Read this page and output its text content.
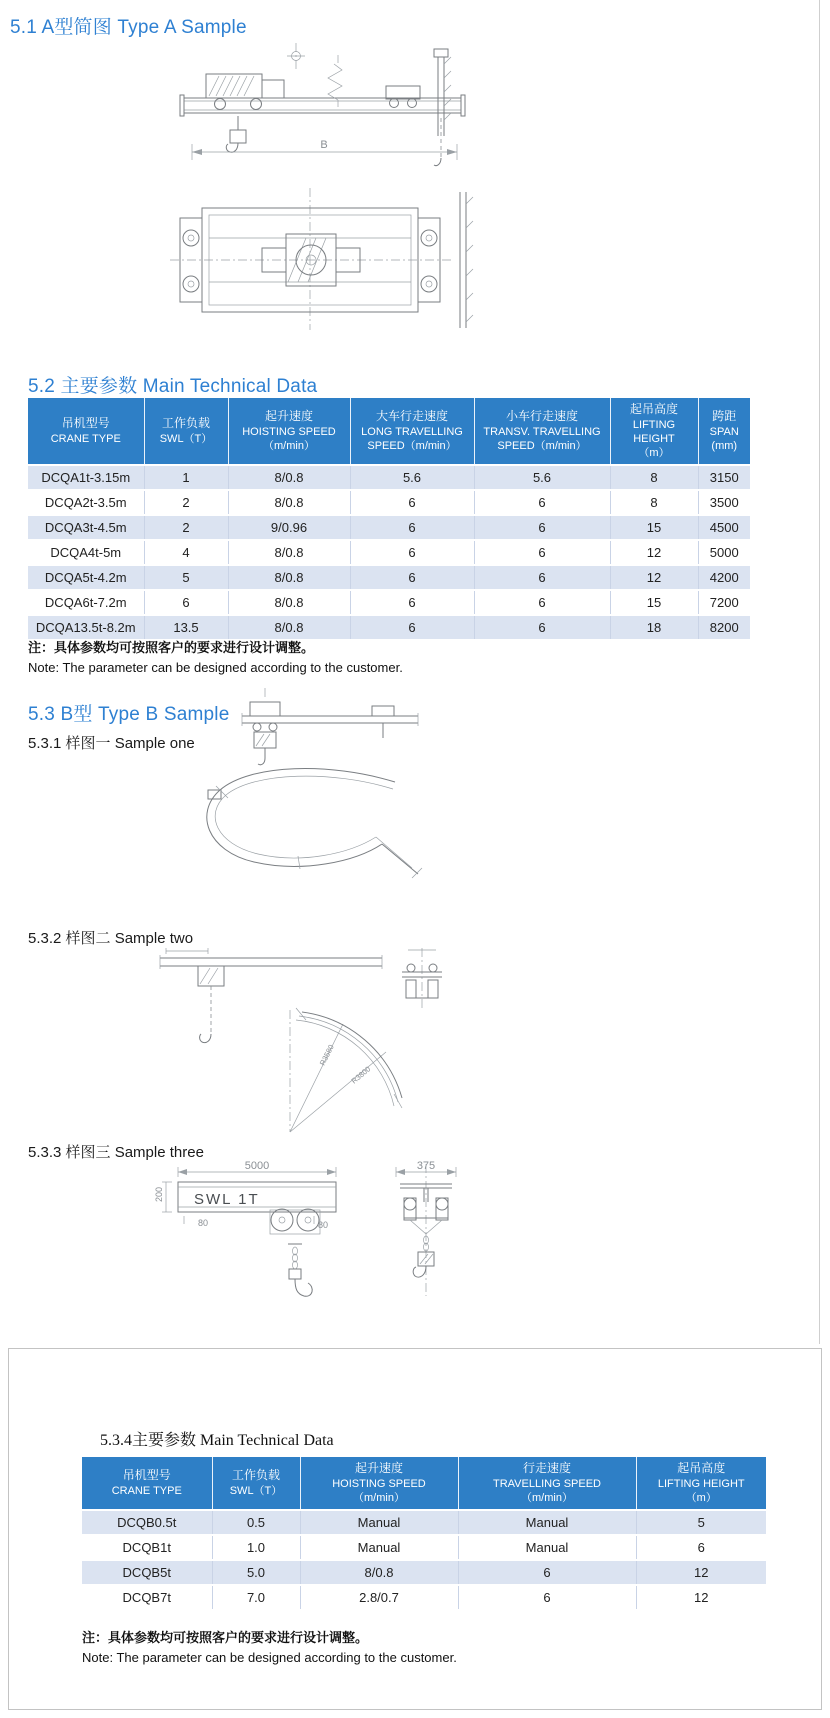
5.1 A型简图 Type A Sample
B
5.2 主要参数 Main Technical Data
吊机型号
CRANE TYPE

工作负载
SWL（T）

起升速度
HOISTING SPEED
（m/min）

大车行走速度
LONG TRAVELLING
SPEED（m/min）

小车行走速度
TRANSV. TRAVELLING
SPEED（m/min）

起吊高度
LIFTING HEIGHT
（m）

跨距
SPAN
(mm)

DCQA1t-3.15m	1	8/0.8	5.6	5.6	8	3150
DCQA2t-3.5m	2	8/0.8	6	6	8	3500
DCQA3t-4.5m	2	9/0.96	6	6	15	4500
DCQA4t-5m	4	8/0.8	6	6	12	5000
DCQA5t-4.2m	5	8/0.8	6	6	12	4200
DCQA6t-7.2m	6	8/0.8	6	6	15	7200
DCQA13.5t-8.2m	13.5	8/0.8	6	6	18	8200
注：具体参数均可按照客户的要求进行设计调整。
Note: The parameter can be designed according to the customer.
5.3 B型 Type B Sample
5.3.1 样图一 Sample one
5.3.2 样图二 Sample two
R3580
R3800
5.3.3 样图三 Sample three
5000
SWL 1T
200
80	80
375
5.3.4主要参数 Main Technical Data
吊机型号
CRANE TYPE

工作负载
SWL（T）

起升速度
HOISTING SPEED
（m/min）

行走速度
TRAVELLING SPEED
（m/min）

起吊高度
LIFTING HEIGHT
（m）

DCQB0.5t	0.5	Manual	Manual	5
DCQB1t	1.0	Manual	Manual	6
DCQB5t	5.0	8/0.8	6	12
DCQB7t	7.0	2.8/0.7	6	12
注：具体参数均可按照客户的要求进行设计调整。
Note: The parameter can be designed according to the customer.
